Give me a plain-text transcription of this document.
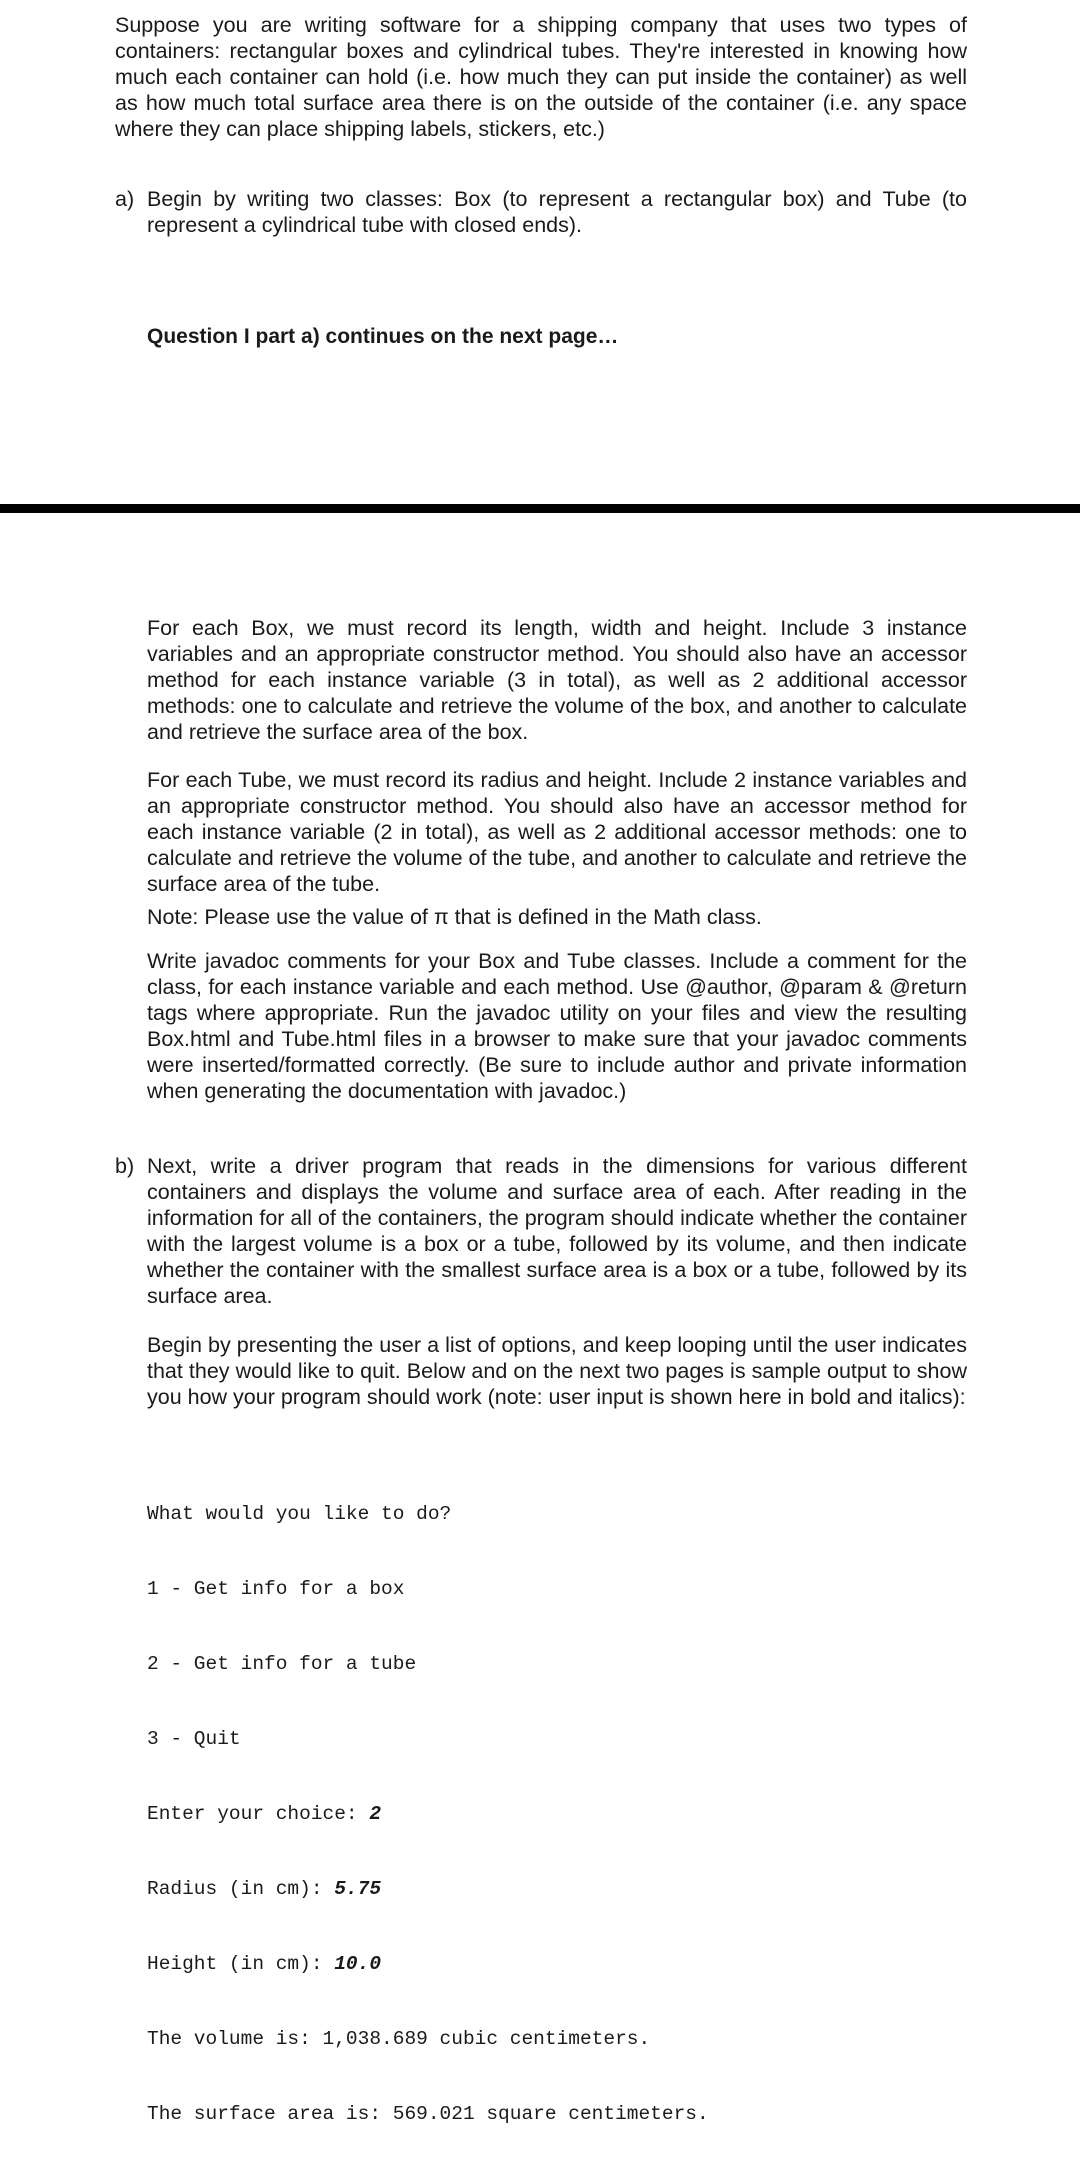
Suppose you are writing software for a shipping company that uses two types of containers: rectangular boxes and cylindrical tubes. They're interested in knowing how much each container can hold (i.e. how much they can put inside the container) as well as how much total surface area there is on the outside of the container (i.e. any space where they can place shipping labels, stickers, etc.)

a) Begin by writing two classes: Box (to represent a rectangular box) and Tube (to represent a cylindrical tube with closed ends).

Question I part a) continues on the next page…

For each Box, we must record its length, width and height. Include 3 instance variables and an appropriate constructor method. You should also have an accessor method for each instance variable (3 in total), as well as 2 additional accessor methods: one to calculate and retrieve the volume of the box, and another to calculate and retrieve the surface area of the box.

For each Tube, we must record its radius and height. Include 2 instance variables and an appropriate constructor method. You should also have an accessor method for each instance variable (2 in total), as well as 2 additional accessor methods: one to calculate and retrieve the volume of the tube, and another to calculate and retrieve the surface area of the tube.

Note: Please use the value of π that is defined in the Math class.

Write javadoc comments for your Box and Tube classes. Include a comment for the class, for each instance variable and each method. Use @author, @param & @return tags where appropriate. Run the javadoc utility on your files and view the resulting Box.html and Tube.html files in a browser to make sure that your javadoc comments were inserted/formatted correctly. (Be sure to include author and private information when generating the documentation with javadoc.)

b) Next, write a driver program that reads in the dimensions for various different containers and displays the volume and surface area of each. After reading in the information for all of the containers, the program should indicate whether the container with the largest volume is a box or a tube, followed by its volume, and then indicate whether the container with the smallest surface area is a box or a tube, followed by its surface area.

Begin by presenting the user a list of options, and keep looping until the user indicates that they would like to quit. Below and on the next two pages is sample output to show you how your program should work (note: user input is shown here in bold and italics):

What would you like to do?

1 - Get info for a box

2 - Get info for a tube

3 - Quit

Enter your choice: 2

Radius (in cm): 5.75

Height (in cm): 10.0

The volume is: 1,038.689 cubic centimeters.

The surface area is: 569.021 square centimeters.
